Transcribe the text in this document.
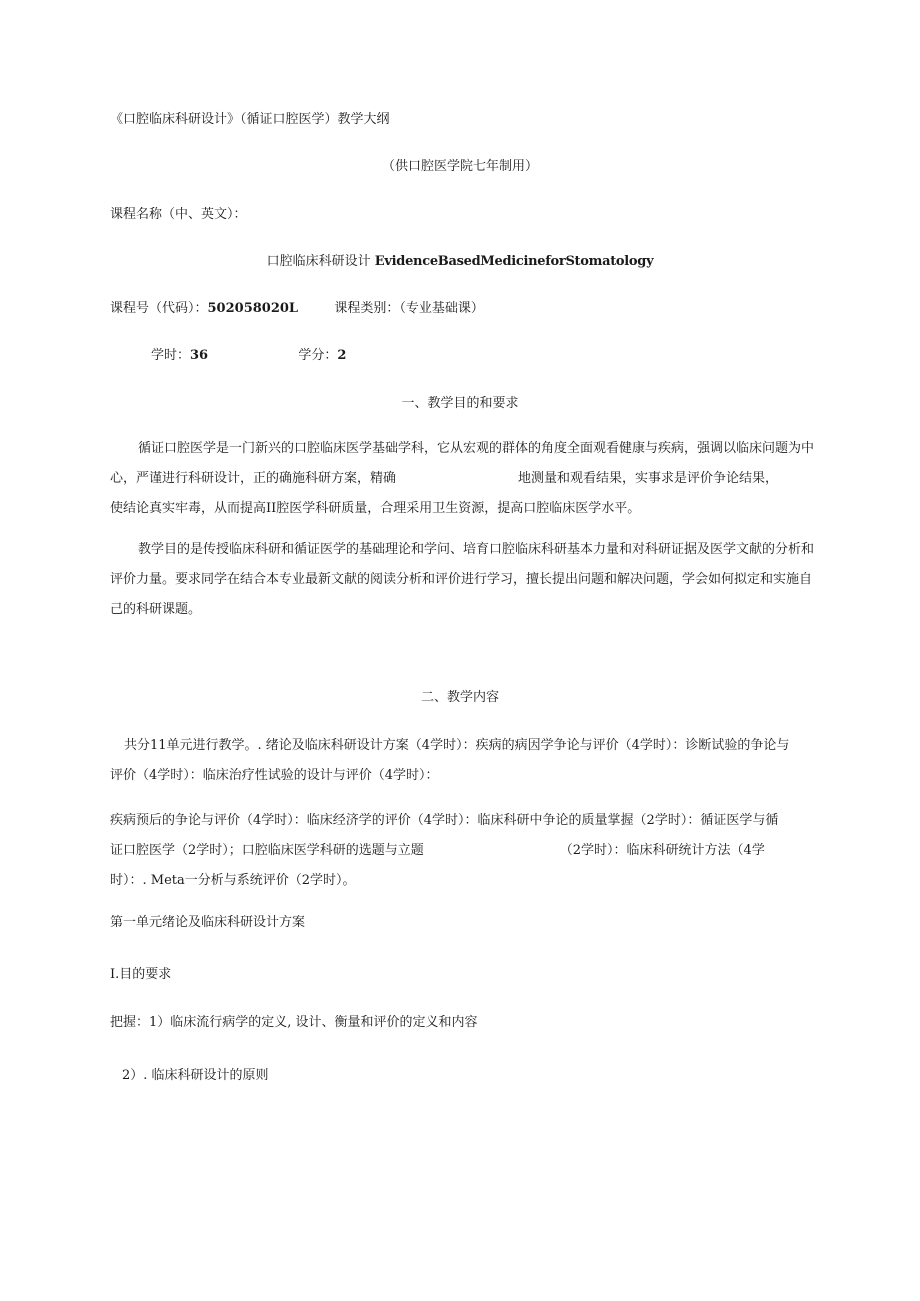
《口腔临床科研设计》（循证口腔医学）教学大纲
（供口腔医学院七年制用）
课程名称（中、英文）：
口腔临床科研设计 EvidenceBasedMedicineforStomatology
课程号（代码）：502058020L	课程类别：（专业基础课）
学时：36	学分：2
一、教学目的和要求
循证口腔医学是一门新兴的口腔临床医学基础学科，它从宏观的群体的角度全面观看健康与疾病，强调以临床问题为中
心，严谨进行科研设计，正的确施科研方案，精确	地测量和观看结果，实事求是评价争论结果，
使结论真实牢毒，从而提高II腔医学科研质量，合理采用卫生资源，提高口腔临床医学水平。
教学目的是传授临床科研和循证医学的基础理论和学问、培育口腔临床科研基本力量和对科研证据及医学文献的分析和
评价力量。要求同学在结合本专业最新文献的阅读分析和评价进行学习，擅长提出问题和解决问题，学会如何拟定和实施自
己的科研课题。
二、教学内容
共分11单元进行教学。. 绪论及临床科研设计方案（4学时）：疾病的病因学争论与评价（4学时）：诊断试验的争论与
评价（4学时）：临床治疗性试验的设计与评价（4学时）：
疾病预后的争论与评价（4学时）：临床经济学的评价（4学时）：临床科研中争论的质量掌握（2学时）：循证医学与循
证口腔医学（2学时）；口腔临床医学科研的选题与立题	（2学时）：临床科研统计方法（4学
时）：. Meta一分析与系统评价（2学时）。
第一单元绪论及临床科研设计方案
I.目的要求
把握：1）临床流行病学的定义, 设计、衡量和评价的定义和内容
2）. 临床科研设计的原则
